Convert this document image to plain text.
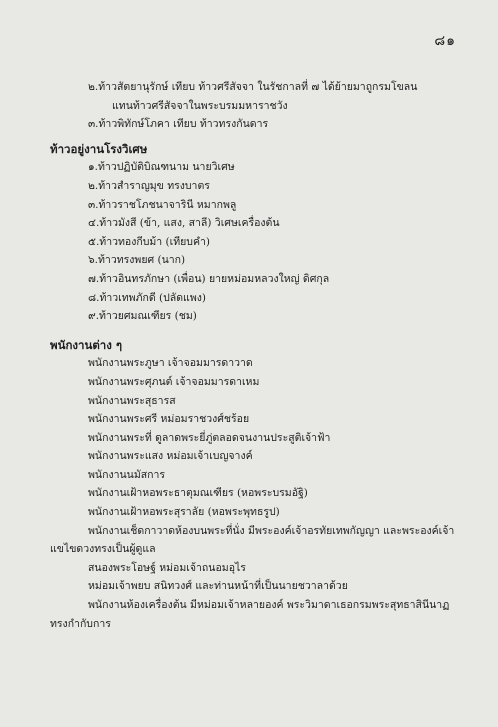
๘๑
๒.ท้าวสัตยานุรักษ์ เทียบ ท้าวศรีสัจจา ในรัชกาลที่ ๗ ได้ย้ายมาถูกรมโขลน
แทนท้าวศรีสัจจาในพระบรมมหาราชวัง
๓.ท้าวพิทักษ์โภคา เทียบ ท้าวทรงกันดาร
ท้าวอยู่งานโรงวิเศษ
๑.ท้าวปฏิบัติบิณฑนาม นายวิเศษ
๒.ท้าวสำราญมุข ทรงบาตร
๓.ท้าวราชโภชนาจารินี หมากพลู
๔.ท้าวมังสี (ข้า, แสง, สาลี) วิเศษเครื่องต้น
๕.ท้าวทองกีบม้า (เทียบคำ)
๖.ท้าวทรงพยศ (นาก)
๗.ท้าวอินทรภักษา (เพื่อน) ยายหม่อมหลวงใหญ่ ดิศกุล
๘.ท้าวเทพภักดี (ปลัดแพง)
๙.ท้าวยศมณเฑียร (ชม)
พนักงานต่าง ๆ
พนักงานพระภูษา เจ้าจอมมารดาวาด
พนักงานพระศุภนต์ เจ้าจอมมารดาเหม
พนักงานพระสุธารส
พนักงานพระศรี หม่อมราชวงศ์ชร้อย
พนักงานพระที่ ดูลาดพระยี่ภู่ตลอดจนงานประสูติเจ้าฟ้า
พนักงานพระแสง หม่อมเจ้าเบญจางค์
พนักงานนมัสการ
พนักงานเฝ้าหอพระธาตุมณเฑียร (หอพระบรมอัฐิ)
พนักงานเฝ้าหอพระสุราลัย (หอพระพุทธรูป)
พนักงานเช็ดกาวาดห้องบนพระที่นั่ง มีพระองค์เจ้าอรทัยเทพกัญญา และพระองค์เจ้า
แขไขดวงทรงเป็นผู้ดูแล
สนองพระโอษฐ์ หม่อมเจ้าถนอมอุไร
หม่อมเจ้าพยบ สนิทวงศ์ และท่านหน้าที่เป็นนายชวาลาด้วย
พนักงานห้องเครื่องต้น มีหม่อมเจ้าหลายองค์ พระวิมาดาเธอกรมพระสุทธาสินีนาฏ
ทรงกำกับการ
